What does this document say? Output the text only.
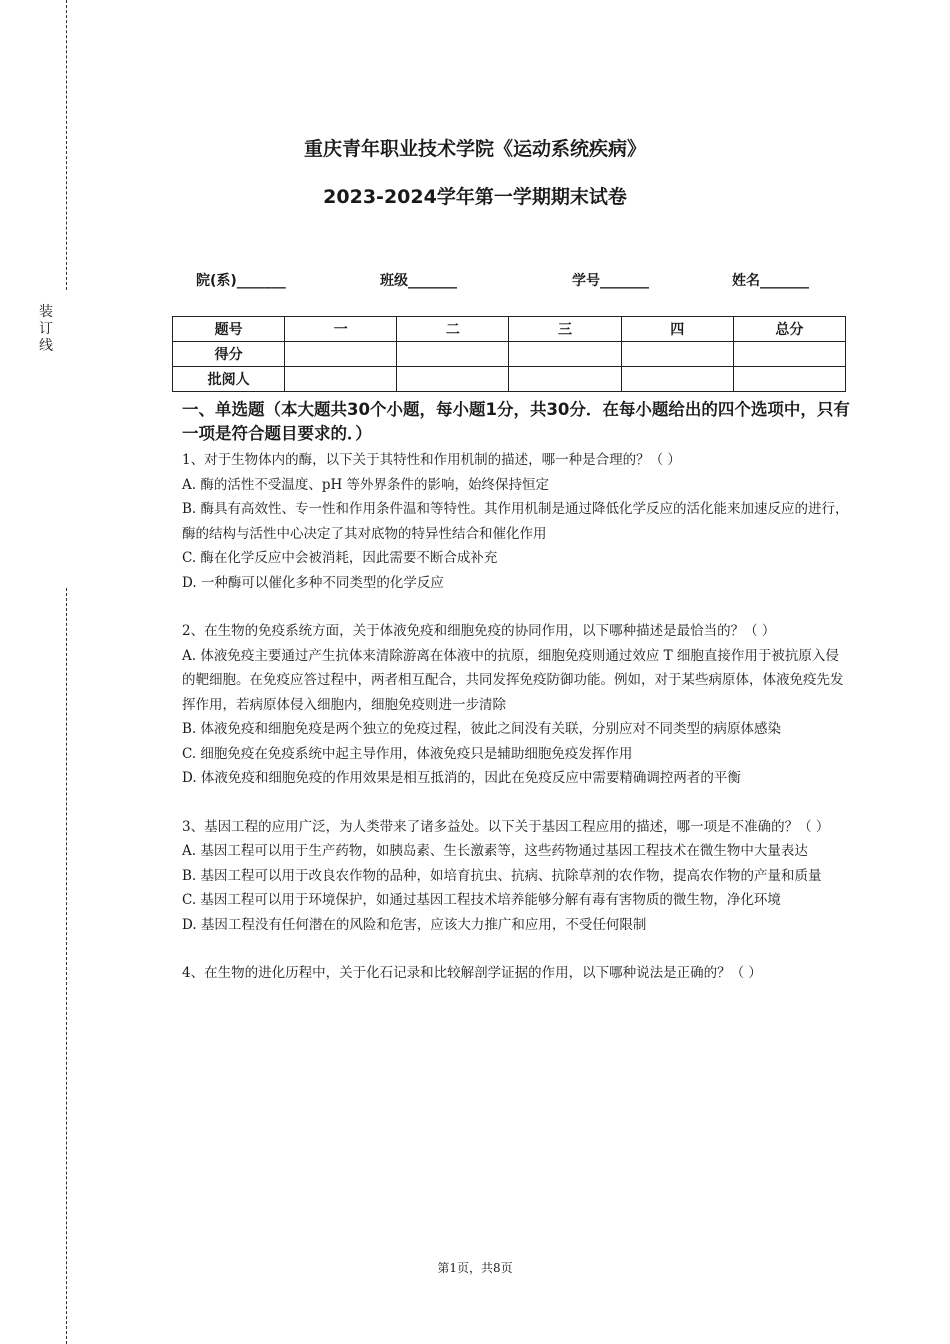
装订线
重庆青年职业技术学院《运动系统疾病》
2023-2024学年第一学期期末试卷
院(系)_______	班级_______	学号_______	姓名_______
题号	一	二	三	四	总分
得分					
批阅人					

一、单选题（本大题共30个小题，每小题1分，共30分．在每小题给出的四个选项中，只有一项是符合题目要求的．）

1、对于生物体内的酶，以下关于其特性和作用机制的描述，哪一种是合理的？（ ）

A. 酶的活性不受温度、pH 等外界条件的影响，始终保持恒定

B. 酶具有高效性、专一性和作用条件温和等特性。其作用机制是通过降低化学反应的活化能来加速反应的进行，酶的结构与活性中心决定了其对底物的特异性结合和催化作用

C. 酶在化学反应中会被消耗，因此需要不断合成补充

D. 一种酶可以催化多种不同类型的化学反应

2、在生物的免疫系统方面，关于体液免疫和细胞免疫的协同作用，以下哪种描述是最恰当的？（ ）

A. 体液免疫主要通过产生抗体来清除游离在体液中的抗原，细胞免疫则通过效应 T 细胞直接作用于被抗原入侵的靶细胞。在免疫应答过程中，两者相互配合，共同发挥免疫防御功能。例如，对于某些病原体，体液免疫先发挥作用，若病原体侵入细胞内，细胞免疫则进一步清除

B. 体液免疫和细胞免疫是两个独立的免疫过程，彼此之间没有关联，分别应对不同类型的病原体感染

C. 细胞免疫在免疫系统中起主导作用，体液免疫只是辅助细胞免疫发挥作用

D. 体液免疫和细胞免疫的作用效果是相互抵消的，因此在免疫反应中需要精确调控两者的平衡

3、基因工程的应用广泛，为人类带来了诸多益处。以下关于基因工程应用的描述，哪一项是不准确的？（ ）

A. 基因工程可以用于生产药物，如胰岛素、生长激素等，这些药物通过基因工程技术在微生物中大量表达

B. 基因工程可以用于改良农作物的品种，如培育抗虫、抗病、抗除草剂的农作物，提高农作物的产量和质量

C. 基因工程可以用于环境保护，如通过基因工程技术培养能够分解有毒有害物质的微生物，净化环境

D. 基因工程没有任何潜在的风险和危害，应该大力推广和应用，不受任何限制

4、在生物的进化历程中，关于化石记录和比较解剖学证据的作用，以下哪种说法是正确的？（ ）

第1页，共8页
